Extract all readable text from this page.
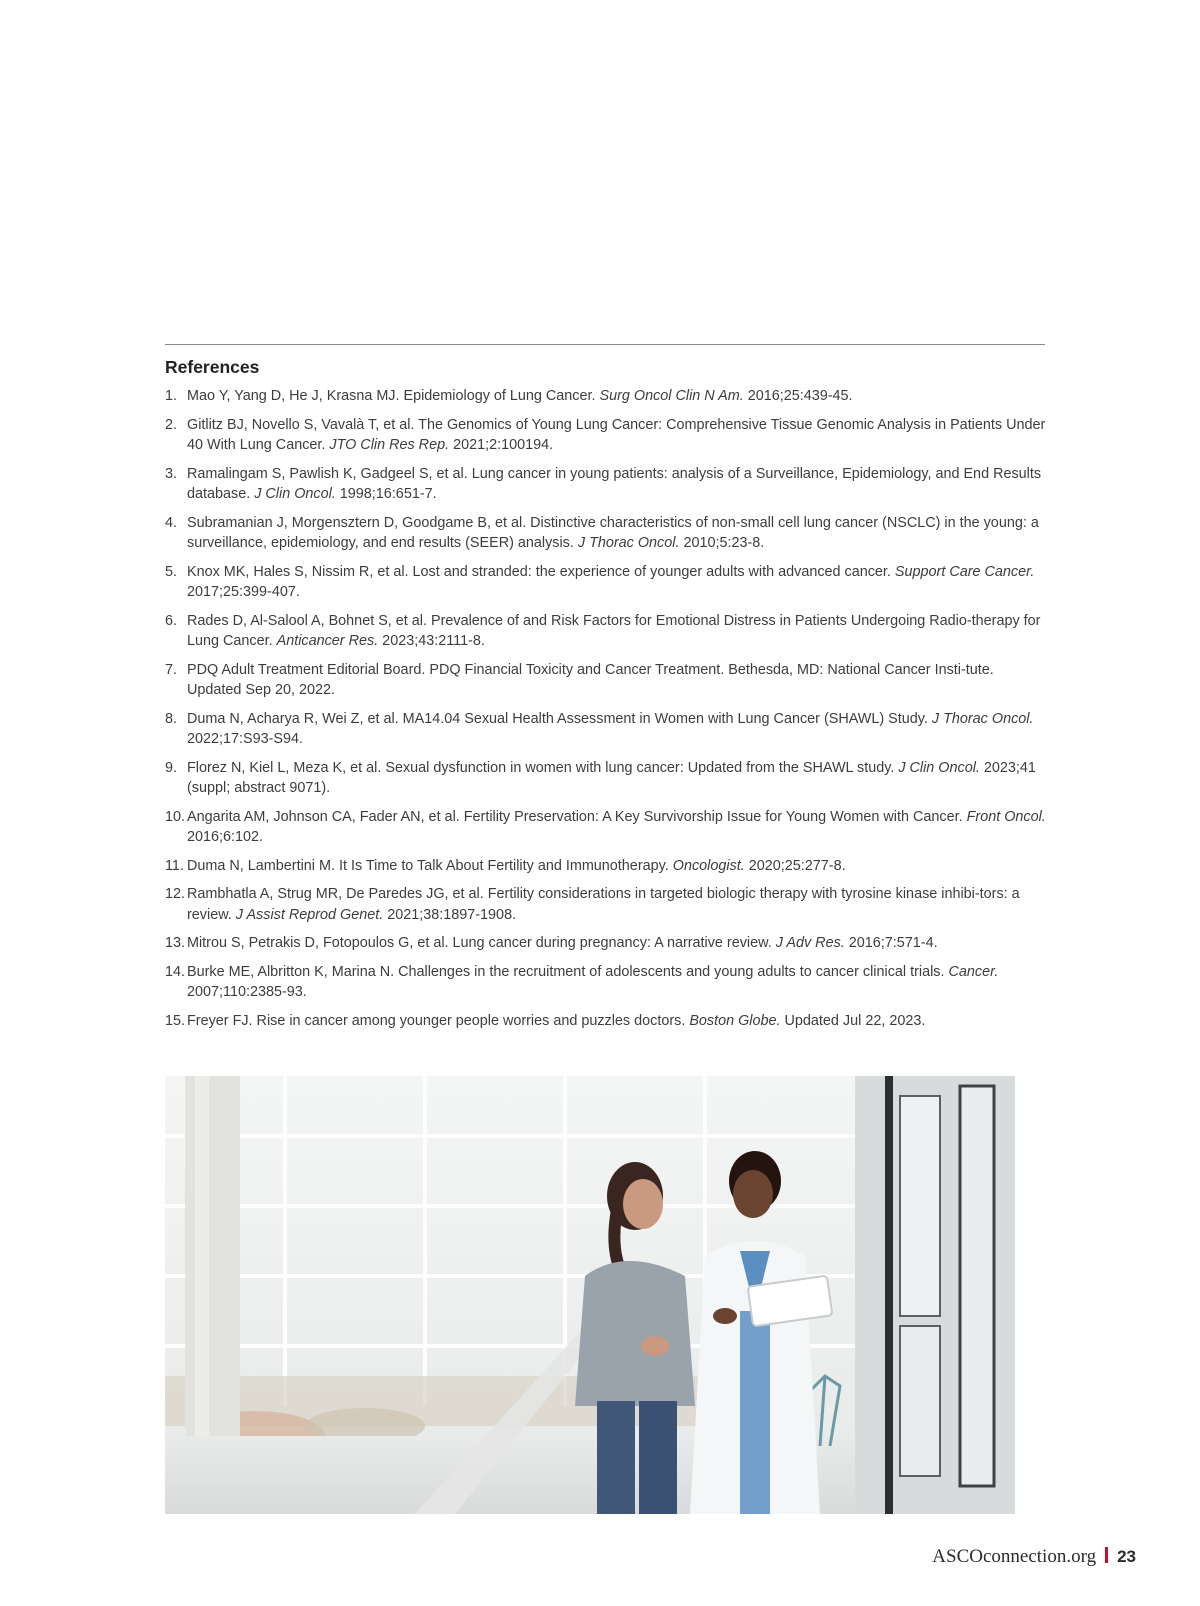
References
1. Mao Y, Yang D, He J, Krasna MJ. Epidemiology of Lung Cancer. Surg Oncol Clin N Am. 2016;25:439-45.
2. Gitlitz BJ, Novello S, Vavalà T, et al. The Genomics of Young Lung Cancer: Comprehensive Tissue Genomic Analysis in Patients Under 40 With Lung Cancer. JTO Clin Res Rep. 2021;2:100194.
3. Ramalingam S, Pawlish K, Gadgeel S, et al. Lung cancer in young patients: analysis of a Surveillance, Epidemiology, and End Results database. J Clin Oncol. 1998;16:651-7.
4. Subramanian J, Morgensztern D, Goodgame B, et al. Distinctive characteristics of non-small cell lung cancer (NSCLC) in the young: a surveillance, epidemiology, and end results (SEER) analysis. J Thorac Oncol. 2010;5:23-8.
5. Knox MK, Hales S, Nissim R, et al. Lost and stranded: the experience of younger adults with advanced cancer. Support Care Cancer. 2017;25:399-407.
6. Rades D, Al-Salool A, Bohnet S, et al. Prevalence of and Risk Factors for Emotional Distress in Patients Undergoing Radio-therapy for Lung Cancer. Anticancer Res. 2023;43:2111-8.
7. PDQ Adult Treatment Editorial Board. PDQ Financial Toxicity and Cancer Treatment. Bethesda, MD: National Cancer Insti-tute. Updated Sep 20, 2022.
8. Duma N, Acharya R, Wei Z, et al. MA14.04 Sexual Health Assessment in Women with Lung Cancer (SHAWL) Study. J Thorac Oncol. 2022;17:S93-S94.
9. Florez N, Kiel L, Meza K, et al. Sexual dysfunction in women with lung cancer: Updated from the SHAWL study. J Clin Oncol. 2023;41 (suppl; abstract 9071).
10. Angarita AM, Johnson CA, Fader AN, et al. Fertility Preservation: A Key Survivorship Issue for Young Women with Cancer. Front Oncol. 2016;6:102.
11. Duma N, Lambertini M. It Is Time to Talk About Fertility and Immunotherapy. Oncologist. 2020;25:277-8.
12. Rambhatla A, Strug MR, De Paredes JG, et al. Fertility considerations in targeted biologic therapy with tyrosine kinase inhibi-tors: a review. J Assist Reprod Genet. 2021;38:1897-1908.
13. Mitrou S, Petrakis D, Fotopoulos G, et al. Lung cancer during pregnancy: A narrative review. J Adv Res. 2016;7:571-4.
14. Burke ME, Albritton K, Marina N. Challenges in the recruitment of adolescents and young adults to cancer clinical trials. Cancer. 2007;110:2385-93.
15. Freyer FJ. Rise in cancer among younger people worries and puzzles doctors. Boston Globe. Updated Jul 22, 2023.
ASCOconnection.org 23
